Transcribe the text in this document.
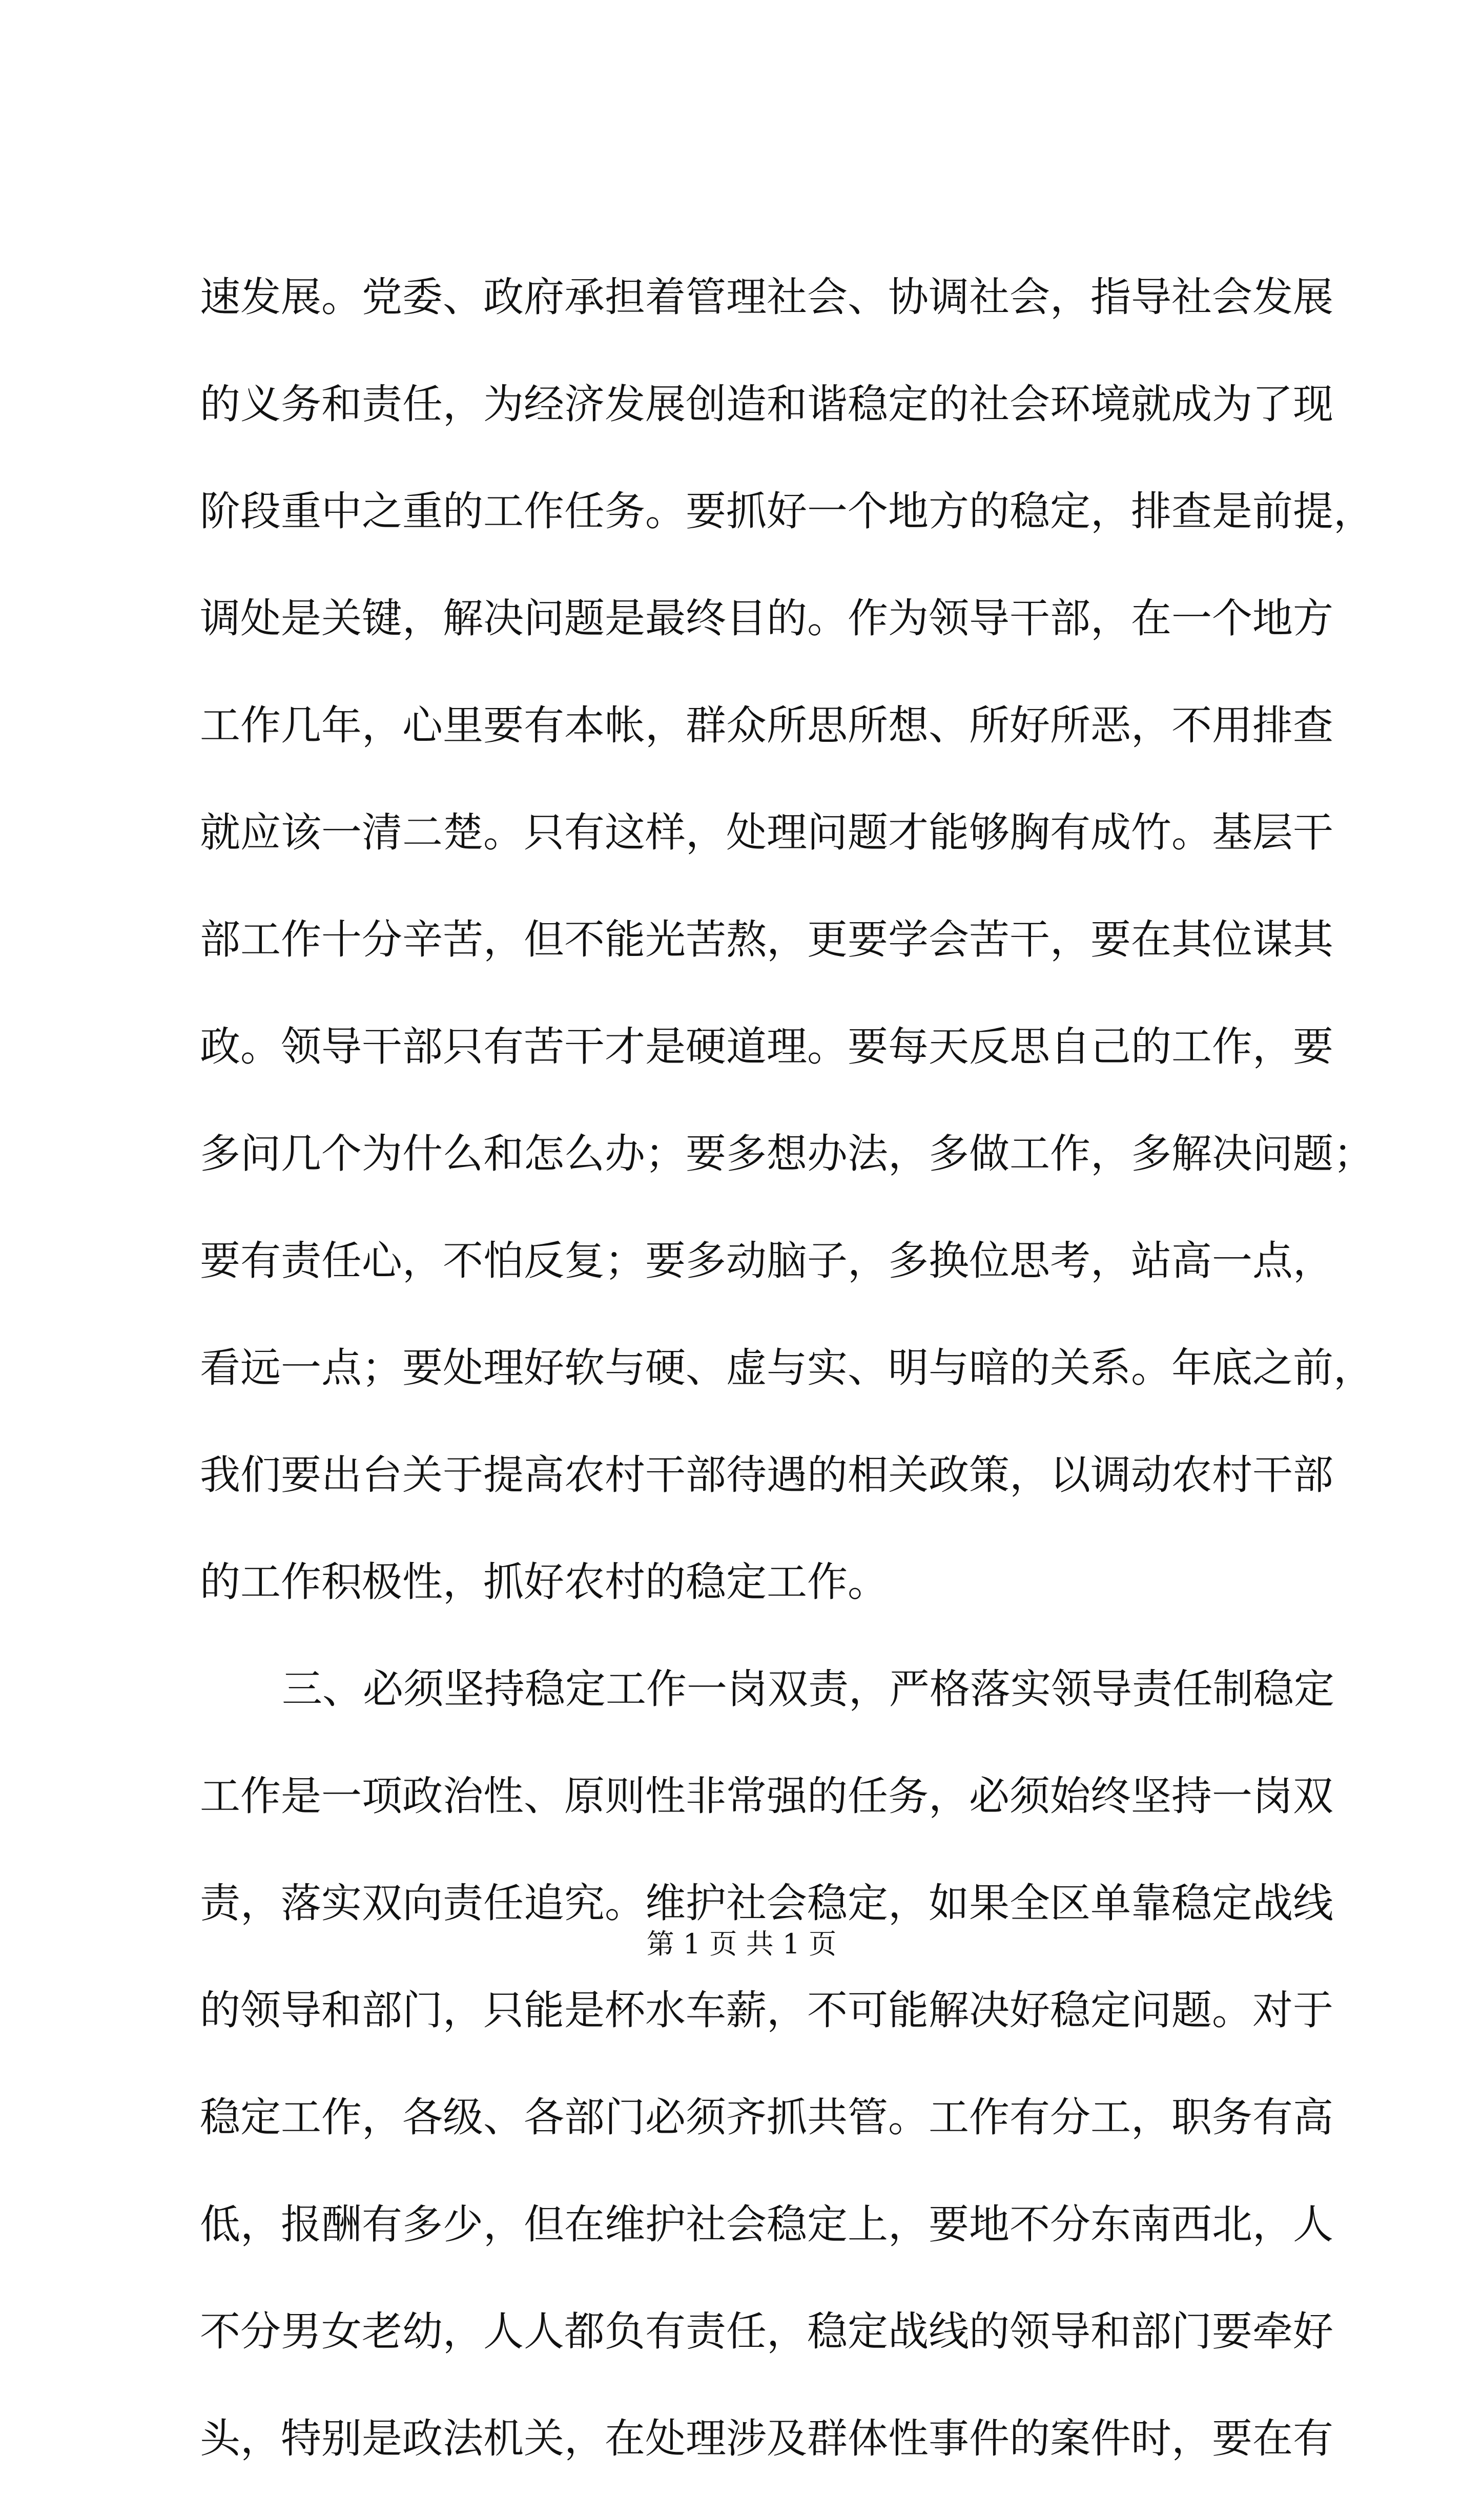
速发展。党委、政府承担着管理社会、协调社会，指导社会发展
的义务和责任，为经济发展创造和谐稳定的社会环境就成为了现
阶段重中之重的工作任务。要抓好一个地方的稳定，排查是前提，
调处是关键，解决问题是最终目的。作为领导干部，在一个地方
工作几年，心里要有本帐，群众所思所想、所好所恶，不用排查
就应该一清二楚。只有这样，处理问题才能够胸有成竹。基层干
部工作十分辛苦，但不能光苦熬，更要学会苦干，要在其位谋其
政。领导干部只有苦干才是硬道理。要每天反思自己的工作，要
多问几个为什么和怎么办；要多想办法，多做工作，多解决问题；
要有责任心，不怕反复；要多动脑子，多换位思考，站高一点，
看远一点；要处理好软与硬、虚与实、明与暗的关系。年底之前，
我们要出台关于提高农村干部待遇的相关政策，以调动农村干部
的工作积极性，抓好农村的稳定工作。
三、必须坚持稳定工作一岗双责，严格落实领导责任制稳定
工作是一项政治性、原则性非常强的任务，必须始终坚持一岗双
责，落实双向责任追究。维护社会稳定，如果全区单靠稳定战线
的领导和部门，只能是杯水车薪，不可能解决好稳定问题。对于
稳定工作，各级、各部门必须齐抓共管。工作有分工，职务有高
低，报酬有多少，但在维护社会稳定上，要地不分东南西北，人
不分男女老幼，人人都负有责任，稳定战线的领导和部门要牵好
头，特别是政法机关，在处理涉及群体性事件的案件时，要在有
第 1 页 共 1 页
